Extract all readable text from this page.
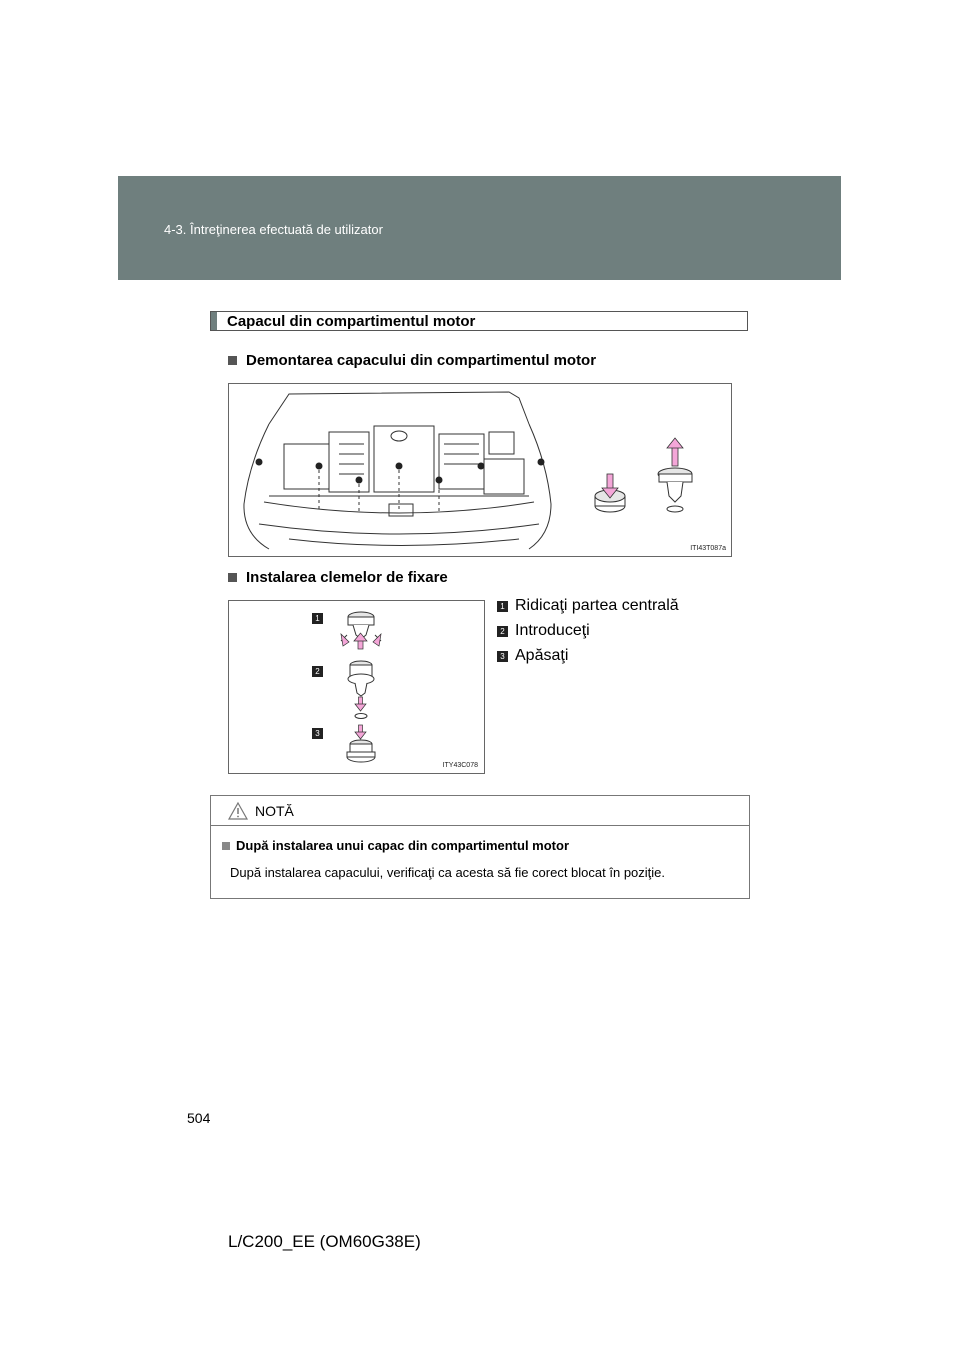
4-3. Întreţinerea efectuată de utilizator
Capacul din compartimentul motor
Demontarea capacului din compartimentul motor
ITI43T087a
Instalarea clemelor de fixare
1
2
3
ITY43C078
1 Ridicaţi partea centrală
2 Introduceţi
3 Apăsaţi
NOTĂ
După instalarea unui capac din compartimentul motor
După instalarea capacului, verificaţi ca acesta să fie corect blocat în poziţie.
504
L/C200_EE (OM60G38E)
